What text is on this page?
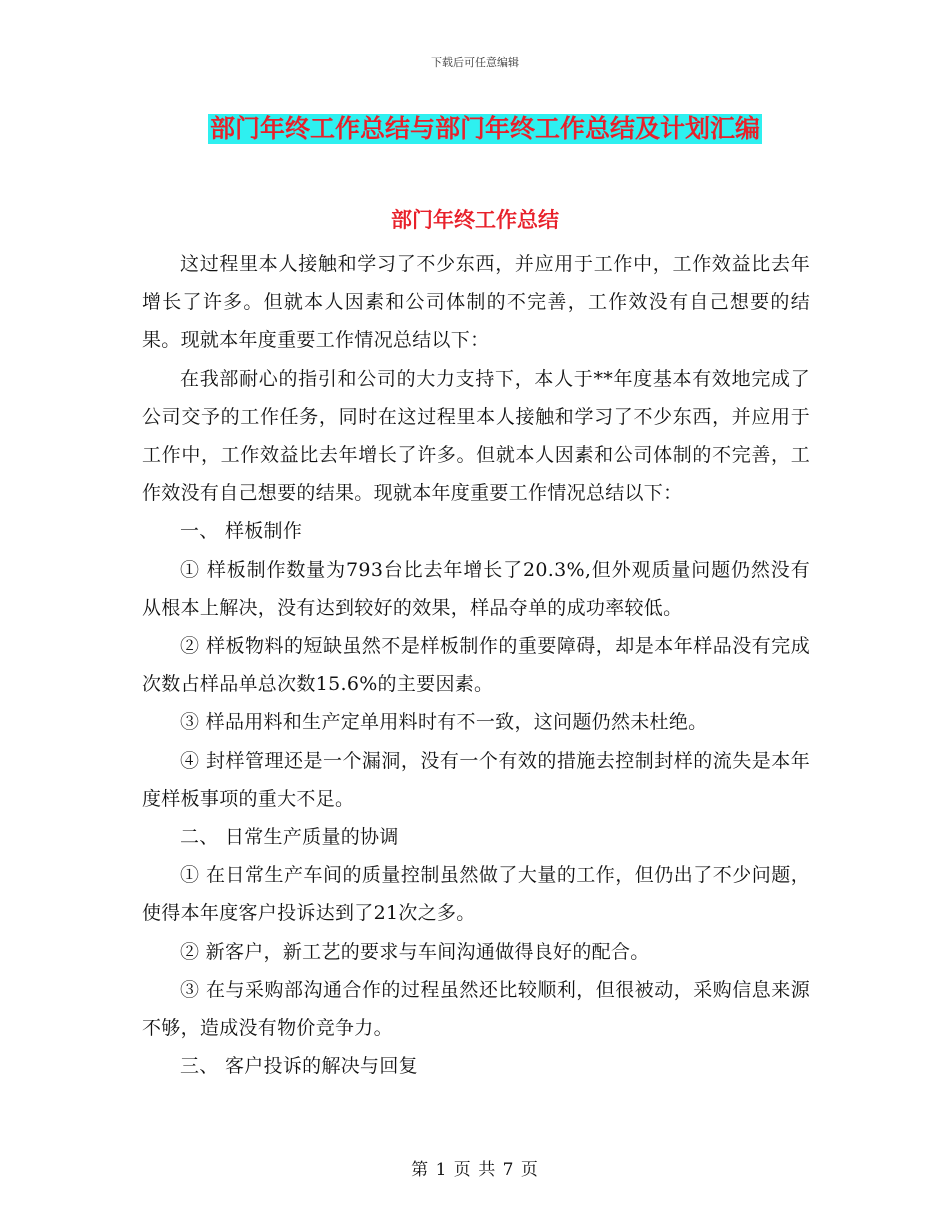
下载后可任意编辑
部门年终工作总结与部门年终工作总结及计划汇编
部门年终工作总结

这过程里本人接触和学习了不少东西，并应用于工作中，工作效益比去年增长了许多。但就本人因素和公司体制的不完善，工作效没有自己想要的结果。现就本年度重要工作情况总结以下：

在我部耐心的指引和公司的大力支持下，本人于**年度基本有效地完成了公司交予的工作任务，同时在这过程里本人接触和学习了不少东西，并应用于工作中，工作效益比去年增长了许多。但就本人因素和公司体制的不完善，工作效没有自己想要的结果。现就本年度重要工作情况总结以下：

一、 样板制作

① 样板制作数量为793台比去年增长了20.3%,但外观质量问题仍然没有从根本上解决，没有达到较好的效果，样品夺单的成功率较低。

② 样板物料的短缺虽然不是样板制作的重要障碍，却是本年样品没有完成次数占样品单总次数15.6%的主要因素。

③ 样品用料和生产定单用料时有不一致，这问题仍然未杜绝。

④ 封样管理还是一个漏洞，没有一个有效的措施去控制封样的流失是本年度样板事项的重大不足。

二、 日常生产质量的协调

① 在日常生产车间的质量控制虽然做了大量的工作，但仍出了不少问题，使得本年度客户投诉达到了21次之多。

② 新客户，新工艺的要求与车间沟通做得良好的配合。

③ 在与采购部沟通合作的过程虽然还比较顺利，但很被动，采购信息来源不够，造成没有物价竞争力。

三、 客户投诉的解决与回复

第 1 页 共 7 页
